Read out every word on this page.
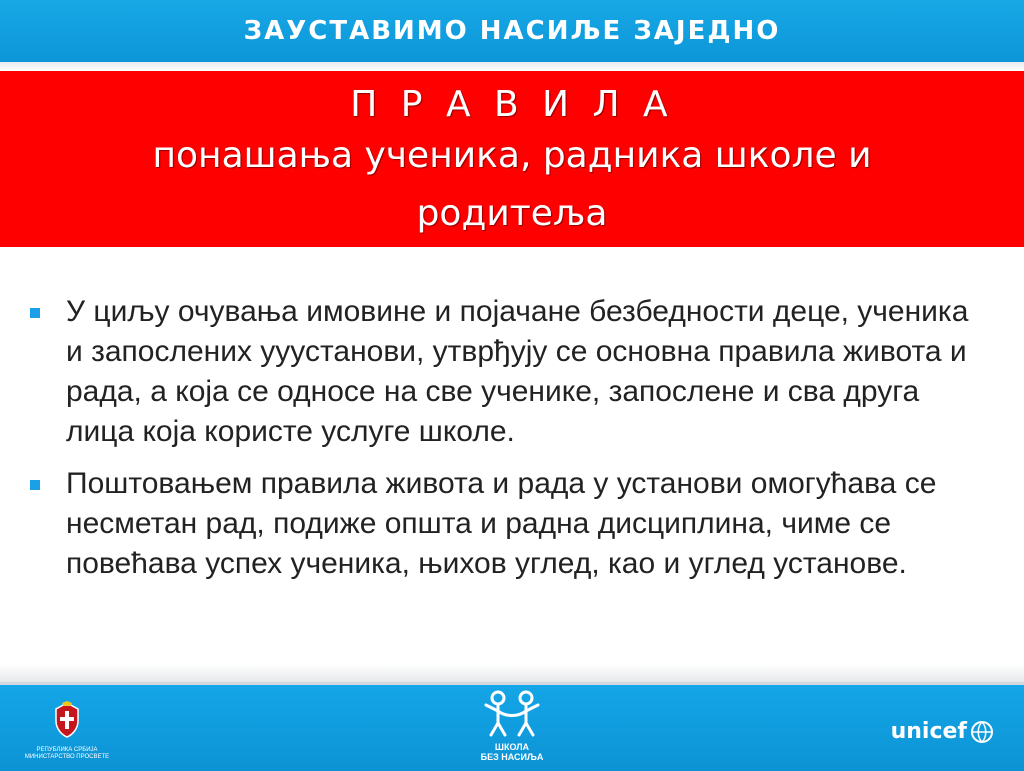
ЗАУСТАВИМО НАСИЉЕ ЗАЈЕДНО
П Р А В И Л А
понашања ученика, радника школе и родитеља
У циљу очувања имовине и појачане безбедности деце, ученика и запослених ууустанови, утврђују се основна правила живота и рада, а која се односе на све ученике, запослене и сва друга лица која користе услуге школе.
Поштовањем правила живота и рада у установи омогућава се несметан рад, подиже општа и радна дисциплина, чиме се повећава успех ученика, њихов углед, као и углед установе.
РЕПУБЛИКА СРБИЈА МИНИСТАРСТВО ПРОСВЕТЕ
ШКОЛА
БЕЗ НАСИЉА
unicef
